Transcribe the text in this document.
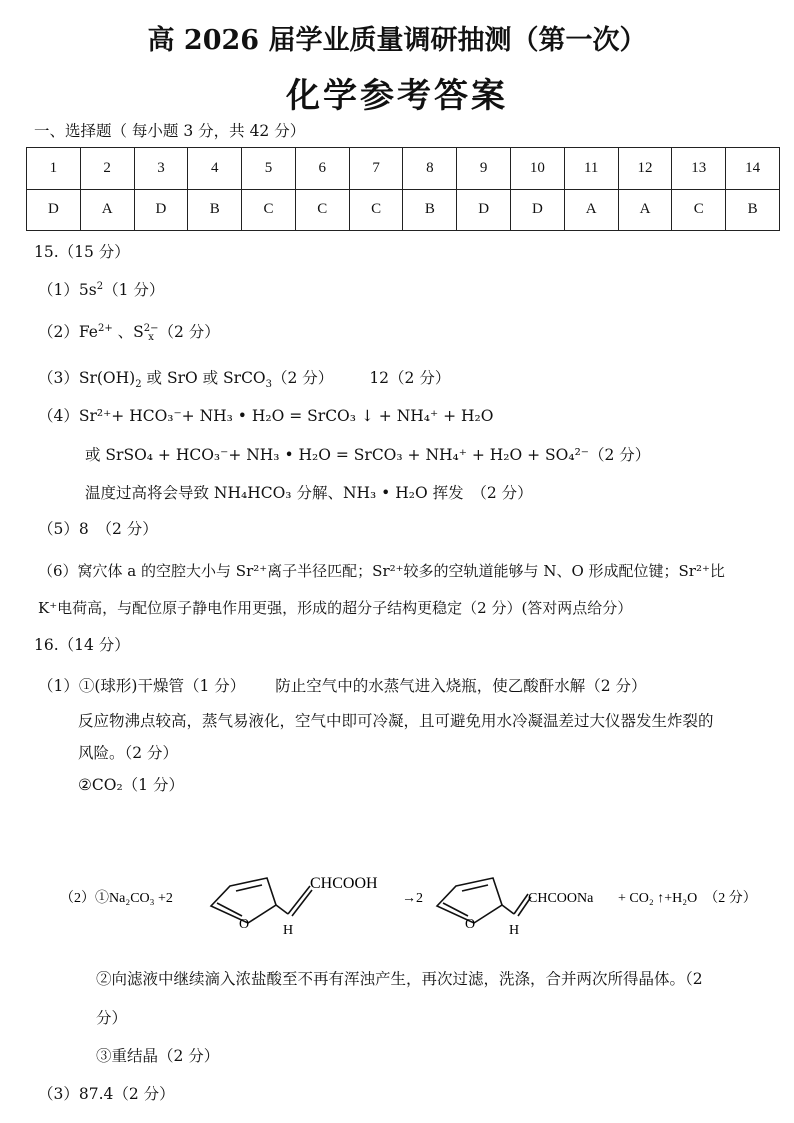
高 2026 届学业质量调研抽测（第一次）
化学参考答案
一、选择题（ 每小题 3 分，共 42 分）
1	2	3	4	5	6	7	8	9	10	11	12	13	14
D	A	D	B	C	C	C	B	D	D	A	A	C	B
15.（15 分）
$(1)5s^2(1$ 分）
$(2)Fe^{2+}$ 、S2−
x （2 分）
$(3)Sr(OH)_2$ 或 SrO 或 SrCO$_3$（2 分） 12（2 分）
（4）Sr²⁺+ HCO₃⁻+ NH₃ • H₂O = SrCO₃ ↓ + NH₄⁺ + H₂O
或 SrSO₄ + HCO₃⁻+ NH₃ • H₂O = SrCO₃ + NH₄⁺ + H₂O + SO₄²⁻（2 分）
温度过高将会导致 NH₄HCO₃ 分解、NH₃ • H₂O 挥发　（2 分）
（5）8　（2 分）
（6）窝穴体 a 的空腔大小与 Sr²⁺离子半径匹配；Sr²⁺较多的空轨道能够与 N、O 形成配位键；Sr²⁺比
K⁺电荷高，与配位原子静电作用更强，形成的超分子结构更稳定（2 分）(答对两点给分）
16.（14 分）
（1）①(球形)干燥管（1 分） 防止空气中的水蒸气进入烧瓶，使乙酸酐水解（2 分）
反应物沸点较高，蒸气易液化，空气中即可冷凝，且可避免用水冷凝温差过大仪器发生炸裂的
风险。（2 分）
②CO₂（1 分）
（2）①Na₂CO₃ +2
O H
CHCOOH
→2
O H
CHCOONa + CO₂ ↑+H₂O　（2 分）
②向滤液中继续滴入浓盐酸至不再有浑浊产生，再次过滤，洗涤，合并两次所得晶体。（2
分）
③重结晶（2 分）
（3）87.4（2 分）
